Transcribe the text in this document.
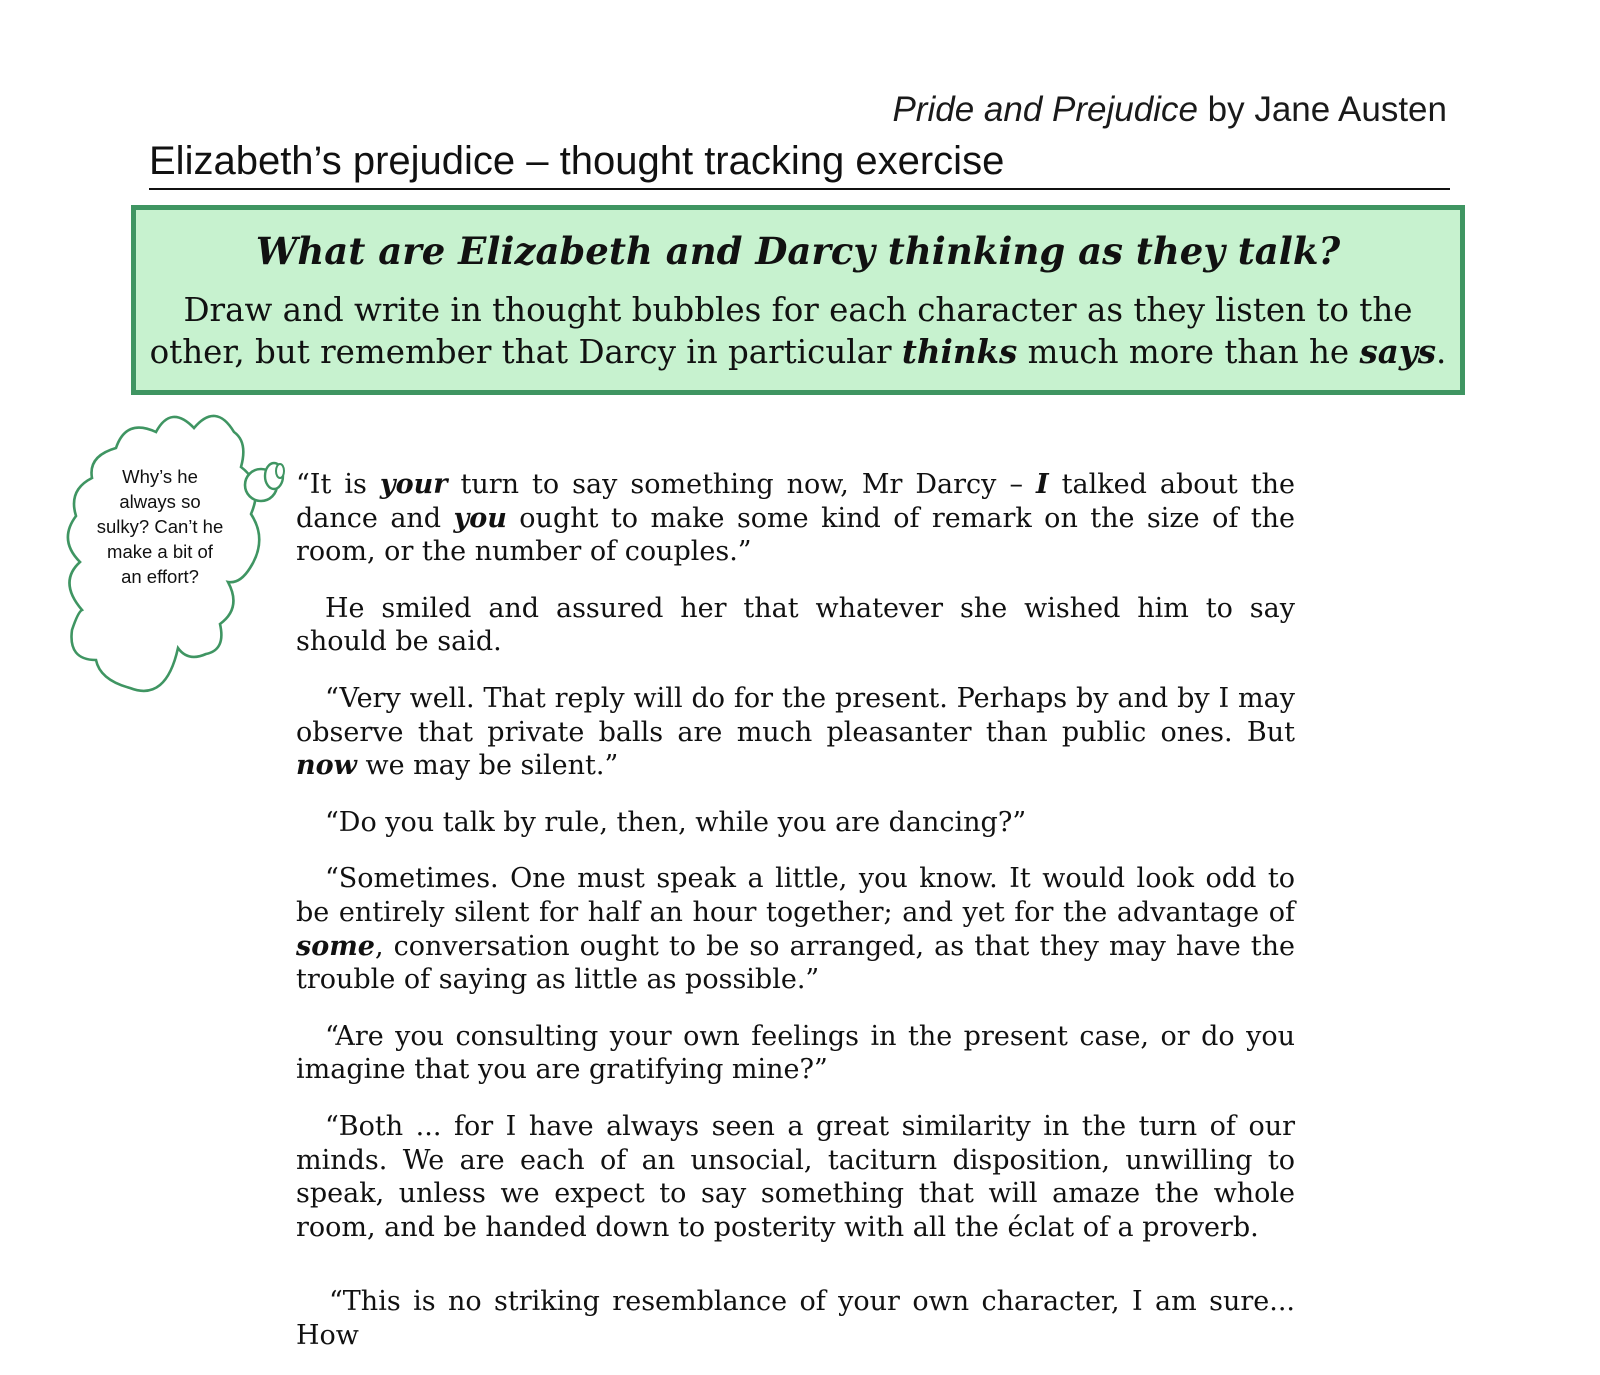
Pride and Prejudice by Jane Austen
Elizabeth’s prejudice – thought tracking exercise
What are Elizabeth and Darcy thinking as they talk?
Draw and write in thought bubbles for each character as they listen to the other, but remember that Darcy in particular thinks much more than he says.
Why’s he always so sulky? Can’t he make a bit of an effort?

“It is your turn to say something now, Mr Darcy – I talked about the dance and you ought to make some kind of remark on the size of the room, or the number of couples.”

He smiled and assured her that whatever she wished him to say should be said.

“Very well. That reply will do for the present. Perhaps by and by I may observe that private balls are much pleasanter than public ones. But now we may be silent.”

“Do you talk by rule, then, while you are dancing?”

“Sometimes. One must speak a little, you know. It would look odd to be entirely silent for half an hour together; and yet for the advantage of some, conversation ought to be so arranged, as that they may have the trouble of saying as little as possible.”

“Are you consulting your own feelings in the present case, or do you imagine that you are gratifying mine?”

“Both ... for I have always seen a great similarity in the turn of our minds. We are each of an unsocial, taciturn disposition, unwilling to speak, unless we expect to say something that will amaze the whole room, and be handed down to posterity with all the éclat of a proverb.

“This is no striking resemblance of your own character, I am sure... How
